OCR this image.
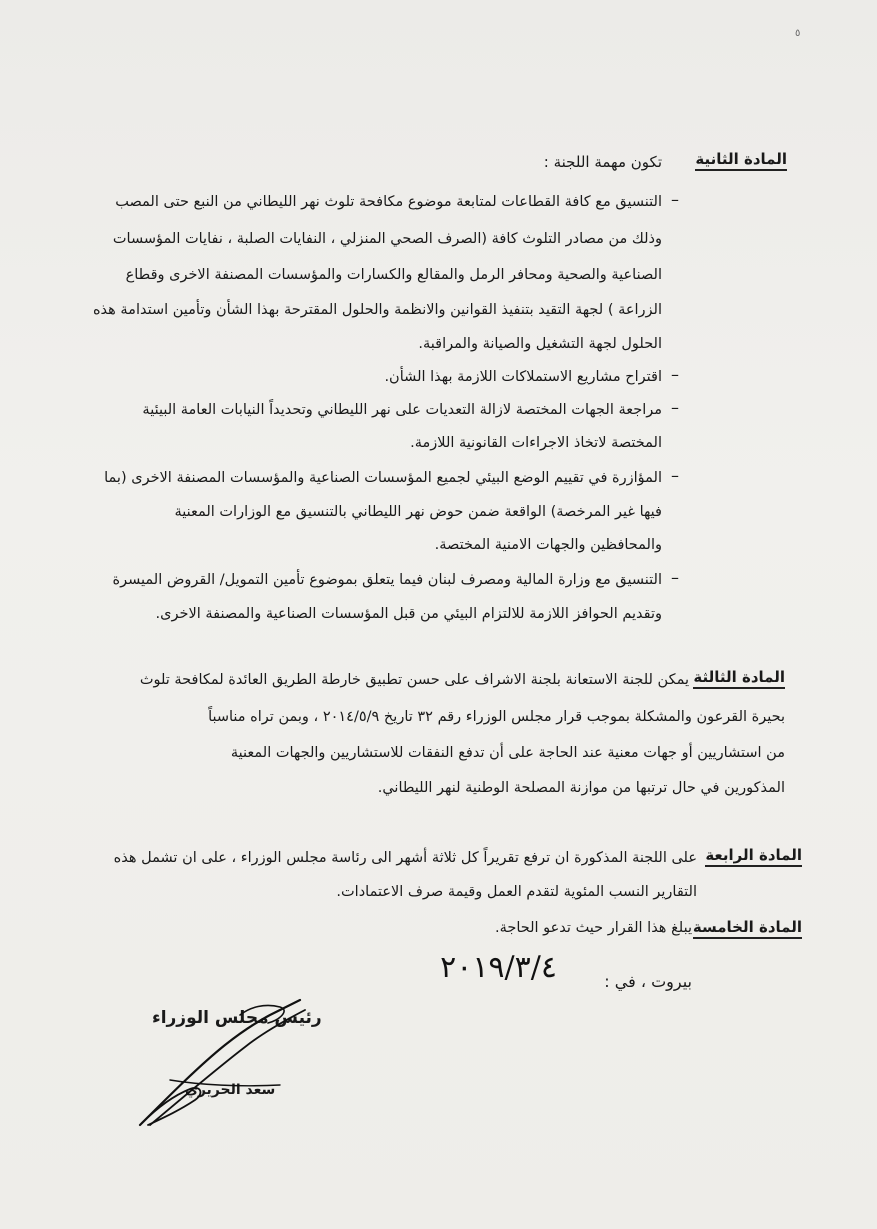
٥
المادة الثانية
تكون مهمة اللجنة :
–
التنسيق مع كافة القطاعات لمتابعة موضوع مكافحة تلوث نهر الليطاني من النبع حتى المصب
وذلك من مصادر التلوث كافة (الصرف الصحي المنزلي ، النفايات الصلبة ، نفايات المؤسسات
الصناعية والصحية ومحافر الرمل والمقالع والكسارات والمؤسسات المصنفة الاخرى وقطاع
الزراعة ) لجهة التقيد بتنفيذ القوانين والانظمة والحلول المقترحة بهذا الشأن وتأمين استدامة هذه
الحلول لجهة التشغيل والصيانة والمراقبة.
–
اقتراح مشاريع الاستملاكات اللازمة بهذا الشأن.
–
مراجعة الجهات المختصة لازالة التعديات على نهر الليطاني وتحديداً النيابات العامة البيئية
المختصة لاتخاذ الاجراءات القانونية اللازمة.
–
المؤازرة في تقييم الوضع البيئي لجميع المؤسسات الصناعية والمؤسسات المصنفة الاخرى (بما
فيها غير المرخصة) الواقعة ضمن حوض نهر الليطاني بالتنسيق مع الوزارات المعنية
والمحافظين والجهات الامنية المختصة.
–
التنسيق مع وزارة المالية ومصرف لبنان فيما يتعلق بموضوع تأمين التمويل/ القروض الميسرة
وتقديم الحوافز اللازمة للالتزام البيئي من قبل المؤسسات الصناعية والمصنفة الاخرى.
المادة الثالثة
يمكن للجنة الاستعانة بلجنة الاشراف على حسن تطبيق خارطة الطريق العائدة لمكافحة تلوث
بحيرة القرعون والمشكلة بموجب قرار مجلس الوزراء رقم ٣٢ تاريخ ٢٠١٤/٥/٩ ، وبمن تراه مناسباً
من استشاريين أو جهات معنية عند الحاجة على أن تدفع النفقات للاستشاريين والجهات المعنية
المذكورين في حال ترتبها من موازنة المصلحة الوطنية لنهر الليطاني.
المادة الرابعة
على اللجنة المذكورة ان ترفع تقريراً كل ثلاثة أشهر الى رئاسة مجلس الوزراء ، على ان تشمل هذه
التقارير النسب المئوية لتقدم العمل وقيمة صرف الاعتمادات.
المادة الخامسة
يبلغ هذا القرار حيث تدعو الحاجة.
بيروت ، في :
٢٠١٩/٣/٤
رئيس مجلس الوزراء
سعد الحريري
